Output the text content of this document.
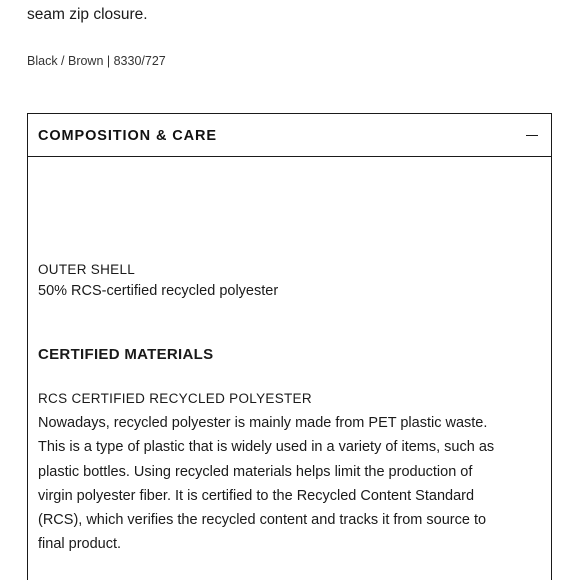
seam zip closure.

Black / Brown | 8330/727

COMPOSITION & CARE

OUTER SHELL

50% RCS-certified recycled polyester

CERTIFIED MATERIALS

RCS CERTIFIED RECYCLED POLYESTER

Nowadays, recycled polyester is mainly made from PET plastic waste.
This is a type of plastic that is widely used in a variety of items, such as
plastic bottles. Using recycled materials helps limit the production of
virgin polyester fiber. It is certified to the Recycled Content Standard
(RCS), which verifies the recycled content and tracks it from source to
final product.
